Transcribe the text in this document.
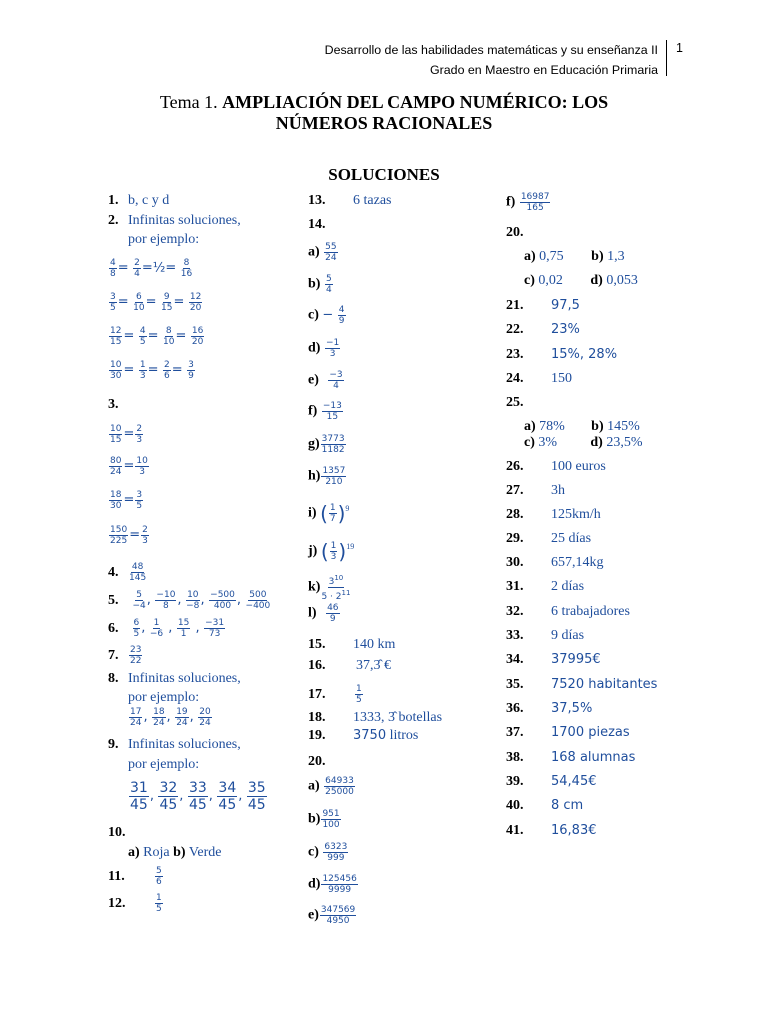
Desarrollo de las habilidades matemáticas y su enseñanza II
Grado en Maestro en Educación Primaria
1
Tema 1. AMPLIACIÓN DEL CAMPO NUMÉRICO: LOS
NÚMEROS RACIONALES
SOLUCIONES
1. b, c y d
2. Infinitas soluciones,
por ejemplo:
$\frac{4}{8} = \frac{2}{4}$ =½= $\frac{8}{16}$
$\frac{3}{5} = \frac{6}{10} = \frac{9}{15} = \frac{12}{20}$
$\frac{12}{15} = \frac{4}{5} = \frac{8}{10} = \frac{16}{20}$
$\frac{10}{30} = \frac{1}{3} = \frac{2}{6} = \frac{3}{9}$
3.
$\frac{10}{15} = \frac{2}{3}$
$\frac{80}{24} = \frac{10}{3}$
$\frac{18}{30} = \frac{3}{5}$
$\frac{150}{225} = \frac{2}{3}$
4. $\frac{48}{145}$
5. $\frac{5}{-4}$ , $\frac{-10}{8}$ , $\frac{10}{-8}$ , $\frac{-500}{400}$ , $\frac{500}{-400}$
6. $\frac{6}{5}$ , $\frac{1}{-6}$ , $\frac{15}{1}$ , $\frac{-31}{73}$
7. $\frac{23}{22}$
8. Infinitas soluciones,
por ejemplo:
$\frac{17}{24}$ , $\frac{18}{24}$ , $\frac{19}{24}$ , $\frac{20}{24}$
9. Infinitas soluciones,
por ejemplo:
$\frac{31}{45}$ , $\frac{32}{45}$ , $\frac{33}{45}$ , $\frac{34}{45}$ , $\frac{35}{45}$
10.
a) Roja b) Verde
11.	$\frac{5}{6}$
12.	$\frac{1}{5}$
13. 6 tazas
14.
$a) \frac{55}{24}$
$b) \frac{5}{4}$
$c) - \frac{4}{9}$
$d) \frac{-1}{3}$
$e) \frac{-3}{4}$
$f) \frac{-13}{15}$
$g) \frac{3773}{1182}$
$h) \frac{1357}{210}$
i) ( $\frac{1}{7} )^9$
j) ( $\frac{1}{3} )^{19}$
$k) \frac{3^{10}}{5 \cdot 2^{11}}$
$l) \frac{46}{9}$
15. 140 km
16. 37,3̂ €
17.	$\frac{1}{5}$
18. 1333, 3̂ botellas
19. 3750 litros
20.
$a) \frac{64933}{25000}$
$b) \frac{951}{100}$
$c) \frac{6323}{999}$
$d) \frac{125456}{9999}$
$e) \frac{347569}{4950}$
$f) \frac{16987}{165}$
20.
a) 0,75 b) 1,3
c) 0,02 d) 0,053
21. 97,5
22. 23%
23. 15%, 28%
24. 150
25.
a) 78% b) 145%
c) 3% d) 23,5%
26. 100 euros
27. 3h
28. 125km/h
29. 25 días
30. 657,14kg
31. 2 días
32. 6 trabajadores
33. 9 días
34. 37995€
35. 7520 habitantes
36. 37,5%
37. 1700 piezas
38. 168 alumnas
39. 54,45€
40. 8 cm
41. 16,83€
